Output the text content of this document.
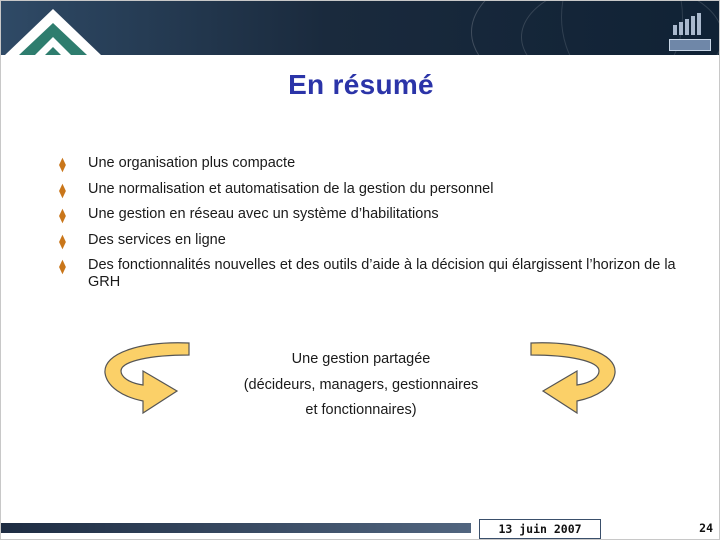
En résumé
⧫ Une organisation plus compacte
⧫ Une normalisation et automatisation de la gestion du personnel
⧫ Une gestion en réseau avec un système d’habilitations
⧫ Des services en ligne
⧫ Des fonctionnalités nouvelles et des outils d’aide à la décision qui élargissent l’horizon de la GRH
Une gestion partagée
(décideurs, managers, gestionnaires
et fonctionnaires)
13 juin 2007	24
